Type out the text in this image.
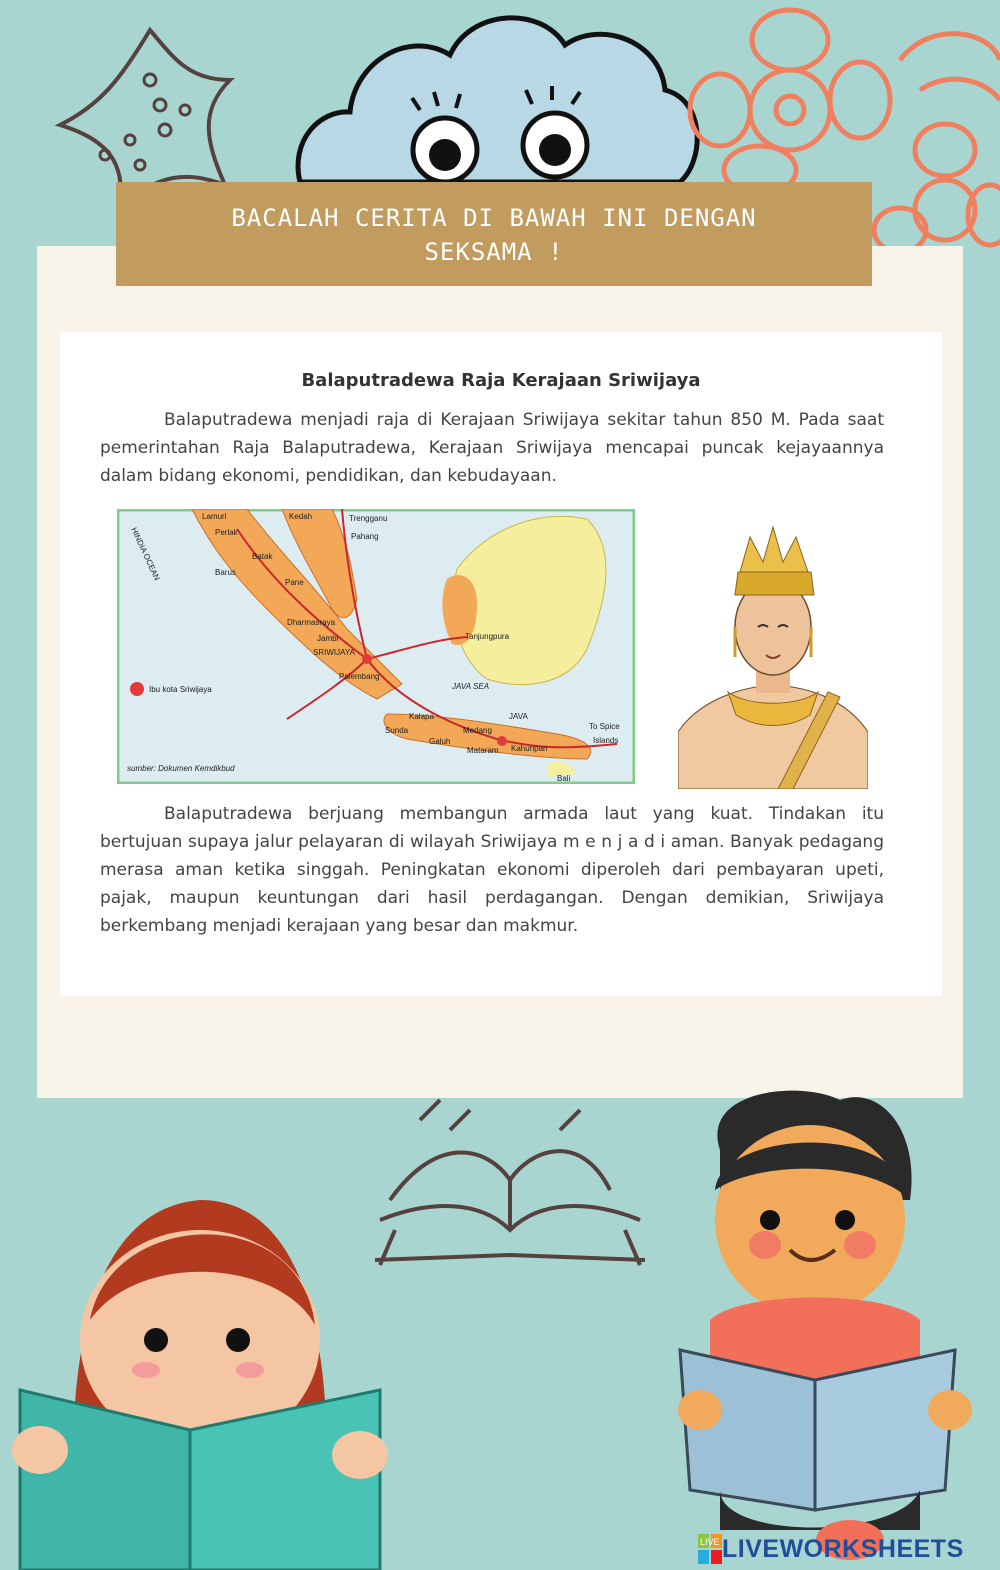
BACALAH CERITA DI BAWAH INI DENGAN
SEKSAMA !
Balaputradewa Raja Kerajaan Sriwijaya

Balaputradewa menjadi raja di Kerajaan Sriwijaya sekitar tahun 850 M. Pada saat pemerintahan Raja Balaputradewa, Kerajaan Sriwijaya mencapai puncak kejayaannya dalam bidang ekonomi, pendidikan, dan kebudayaan.

HINDIA OCEAN
Lamuri
Perlak
Kedah	Trengganu
Pahang
Batak
Barus
Pane
Dharmasraya
Jambi
SRIWIJAYA
Palembang
Tanjungpura
JAVA SEA
Kalapa
Sunda
Galuh
Medang
JAVA
Mataram Kahuripan
Bali
To Spice
Islands
Ibu kota Sriwijaya
sumber: Dokumen Kemdikbud

Balaputradewa berjuang membangun armada laut yang kuat. Tindakan itu bertujuan supaya jalur pelayaran di wilayah Sriwijaya m e n j a d i aman. Banyak pedagang merasa aman ketika singgah. Peningkatan ekonomi diperoleh dari pembayaran upeti, pajak, maupun keuntungan dari hasil perdagangan. Dengan demikian, Sriwijaya berkembang menjadi kerajaan yang besar dan makmur.

LIVE LIVEWORKSHEETS
